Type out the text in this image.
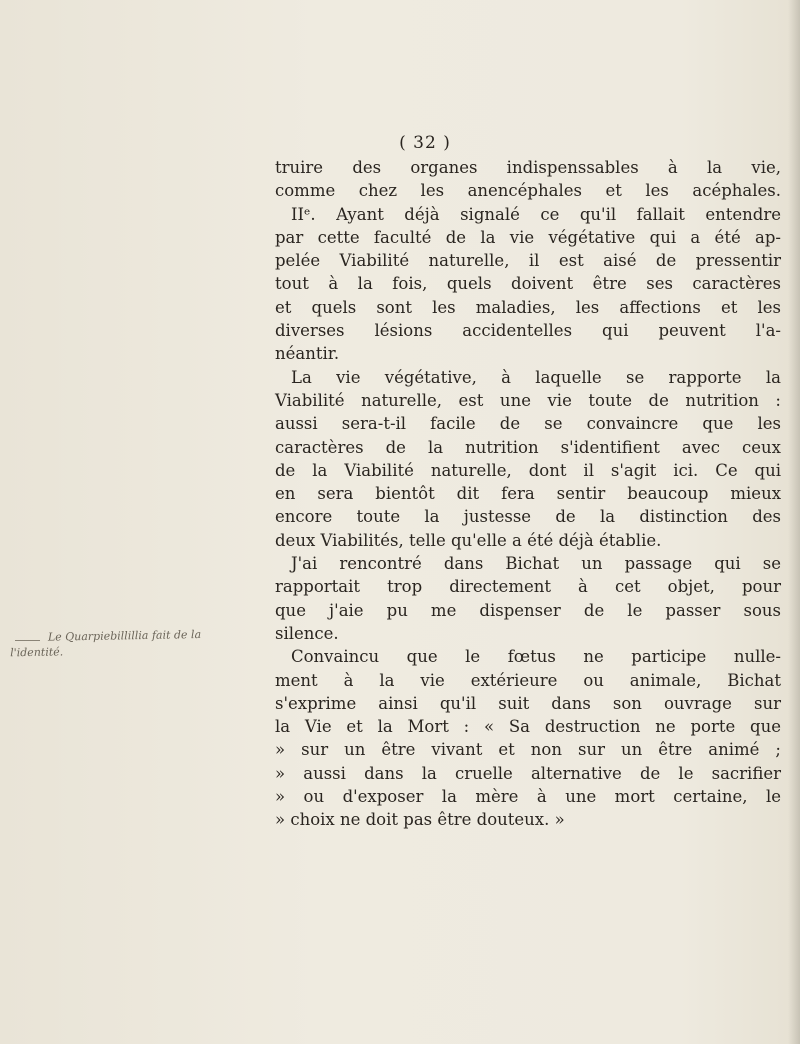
( 32 )
truire des organes indispenssables à la vie,
comme chez les anencéphales et les acéphales.
IIᵉ. Ayant déjà signalé ce qu'il fallait entendre
par cette faculté de la vie végétative qui a été ap-
pelée Viabilité naturelle, il est aisé de pressentir
tout à la fois, quels doivent être ses caractères
et quels sont les maladies, les affections et les
diverses lésions accidentelles qui peuvent l'a-
néantir.
La vie végétative, à laquelle se rapporte la
Viabilité naturelle, est une vie toute de nutrition :
aussi sera-t-il facile de se convaincre que les
caractères de la nutrition s'identifient avec ceux
de la Viabilité naturelle, dont il s'agit ici. Ce qui
en sera bientôt dit fera sentir beaucoup mieux
encore toute la justesse de la distinction des
deux Viabilités, telle qu'elle a été déjà établie.
J'ai rencontré dans Bichat un passage qui se
rapportait trop directement à cet objet, pour
que j'aie pu me dispenser de le passer sous
silence.
Convaincu que le fœtus ne participe nulle-
ment à la vie extérieure ou animale, Bichat
s'exprime ainsi qu'il suit dans son ouvrage sur
la Vie et la Mort : « Sa destruction ne porte que
» sur un être vivant et non sur un être animé ;
» aussi dans la cruelle alternative de le sacrifier
» ou d'exposer la mère à une mort certaine, le
» choix ne doit pas être douteux. »
Le Quarpiebillillia fait de la
l'identité.
